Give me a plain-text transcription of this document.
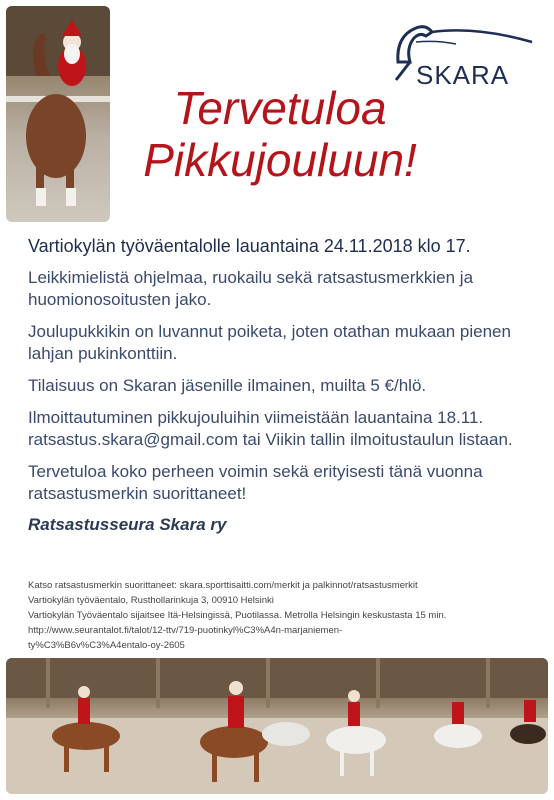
SKARA
Tervetuloa
Pikkujouluun!

Vartiokylän työväentalolle lauantaina 24.11.2018 klo 17.

Leikkimielistä ohjelmaa, ruokailu sekä ratsastusmerkkien ja huomionosoitusten jako.

Joulupukkikin on luvannut poiketa, joten otathan mukaan pienen lahjan pukinkonttiin.

Tilaisuus on Skaran jäsenille ilmainen, muilta 5 €/hlö.

Ilmoittautuminen pikkujouluihin viimeistään lauantaina 18.11. ratsastus.skara@gmail.com tai Viikin tallin ilmoitustaulun listaan.

Tervetuloa koko perheen voimin sekä erityisesti tänä vuonna ratsastusmerkin suorittaneet!

Ratsastusseura Skara ry

Katso ratsastusmerkin suorittaneet: skara.sporttisaitti.com/merkit ja palkinnot/ratsastusmerkit
Vartiokylän työväentalo, Rusthollarinkuja 3, 00910 Helsinki
Vartiokylän Työväentalo sijaitsee Itä-Helsingissä, Puotilassa. Metrolla Helsingin keskustasta 15 min.
http://www.seurantalot.fi/talot/12-ttv/719-puotinkyl%C3%A4n-marjaniemen-
ty%C3%B6v%C3%A4entalo-oy-2605
